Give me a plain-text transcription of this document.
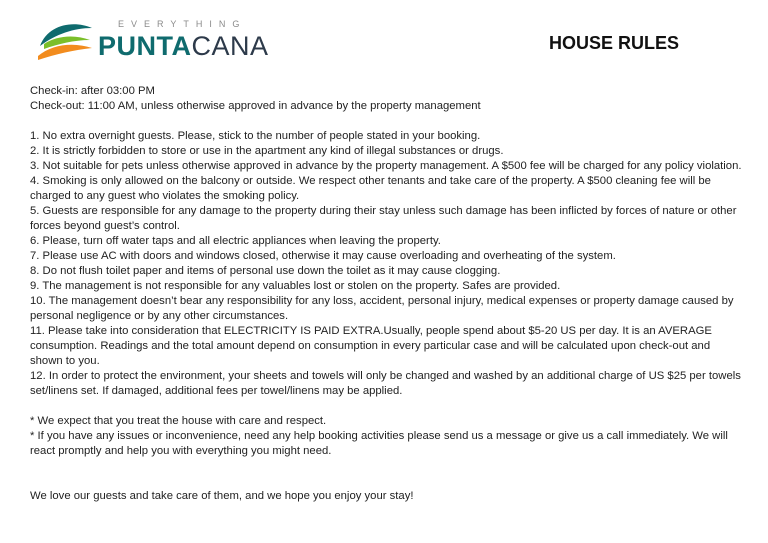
EVERYTHING
PUNTACANA	HOUSE RULES

Check-in: after 03:00 PM

Check-out: 11:00 AM, unless otherwise approved in advance by the property management

1. No extra overnight guests. Please, stick to the number of people stated in your booking.

2. It is strictly forbidden to store or use in the apartment any kind of illegal substances or drugs.

3. Not suitable for pets unless otherwise approved in advance by the property management. A $500 fee will be charged for any policy violation.

4. Smoking is only allowed on the balcony or outside. We respect other tenants and take care of the property. A $500 cleaning fee will be charged to any guest who violates the smoking policy.

5. Guests are responsible for any damage to the property during their stay unless such damage has been inflicted by forces of nature or other forces beyond guest’s control.

6. Please, turn off water taps and all electric appliances when leaving the property.

7. Please use AC with doors and windows closed, otherwise it may cause overloading and overheating of the system.

8. Do not flush toilet paper and items of personal use down the toilet as it may cause clogging.

9. The management is not responsible for any valuables lost or stolen on the property. Safes are provided.

10. The management doesn’t bear any responsibility for any loss, accident, personal injury, medical expenses or property damage caused by personal negligence or by any other circumstances.

11. Please take into consideration that ELECTRICITY IS PAID EXTRA.Usually, people spend about $5-20 US per day. It is an AVERAGE consumption. Readings and the total amount depend on consumption in every particular case and will be calculated upon check-out and shown to you.

12. In order to protect the environment, your sheets and towels will only be changed and washed by an additional charge of US $25 per towels set/linens set. If damaged, additional fees per towel/linens may be applied.

* We expect that you treat the house with care and respect.

* If you have any issues or inconvenience, need any help booking activities please send us a message or give us a call immediately. We will react promptly and help you with everything you might need.

We love our guests and take care of them, and we hope you enjoy your stay!
